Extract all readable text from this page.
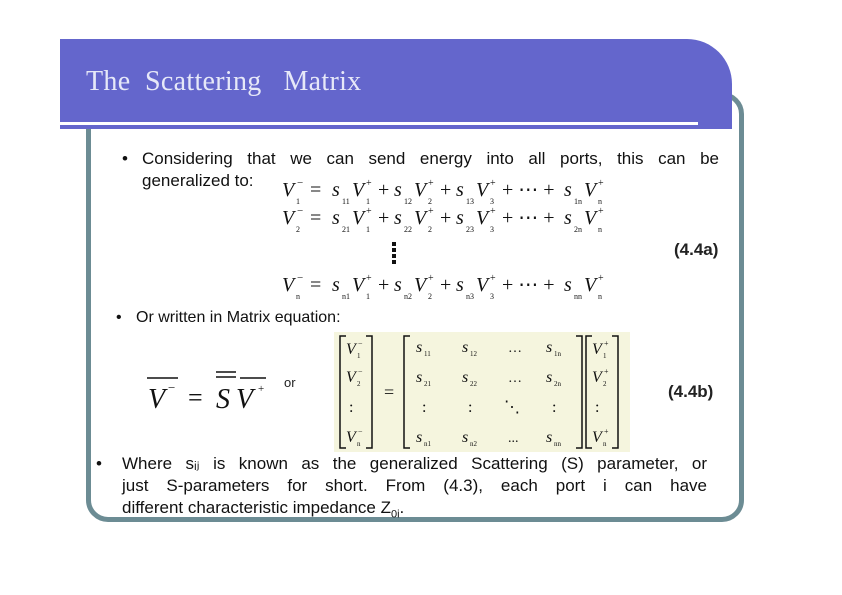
The  Scattering   Matrix
• Considering that we can send energy into all ports, this can be
generalized to:	V −
1
= s
11
V +
1
+ s
12
V +
2
+ s
13
V +
3
+ ⋯ + s
1n
V +
n
V −
2
= s
21
V +
1
+ s
22
V +
2
+ s
23
V +
3
+ ⋯ + s
2n
V +
n
V −
n
= s
n1
V +
1
+ s
n2
V +
2
+ s
n3
V +
3
+ ⋯ + s
nn
V +
n
(4.4a)
• Or written in Matrix equation:
V − = S V + or
V −
1
V −
2
:
V −
n
=
s 11 s 12 … s 1n
s 21 s 22 … s 2n
:	: ⋱ :
s n1 s n2 ... s nn
V +
1
V +
2
:
V +
n
(4.4b)
• Where sᵢⱼ is known as the generalized Scattering (S) parameter, or
just S-parameters for short. From (4.3), each port i can have
different characteristic impedance $Z_{0i}$.
